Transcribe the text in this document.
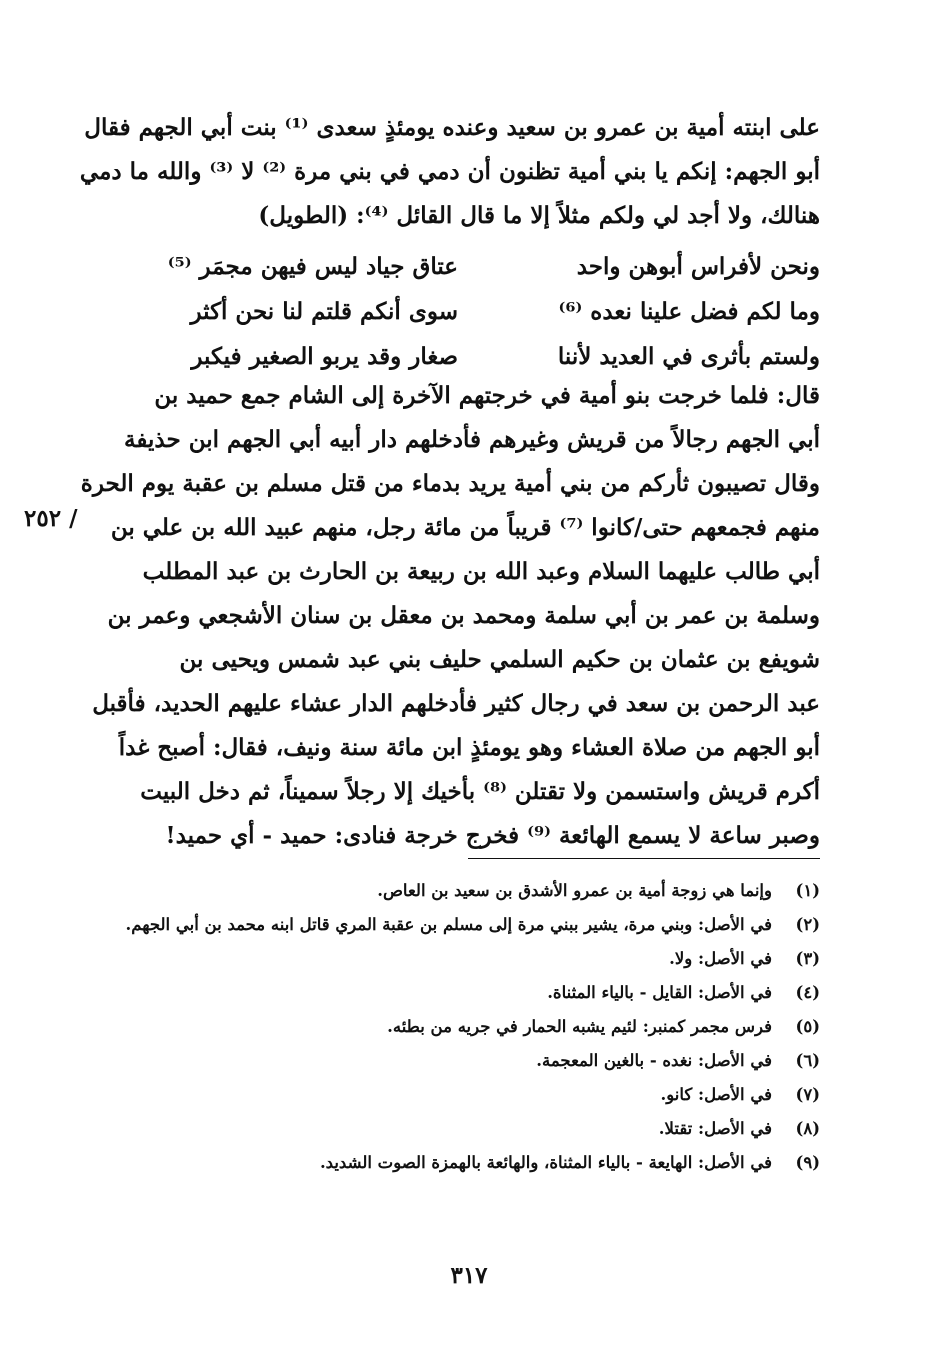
على ابنته أمية بن عمرو بن سعيد وعنده يومئذٍ سعدى ⁽¹⁾ بنت أبي الجهم فقال
أبو الجهم: إنكم يا بني أمية تظنون أن دمي في بني مرة ⁽²⁾ لا ⁽³⁾ والله ما دمي
هنالك، ولا أجد لي ولكم مثلاً إلا ما قال القائل ⁽⁴⁾: (الطويل)
ونحن لأفراس أبوهن واحد
عتاق جياد ليس فيهن مجمَر ⁽⁵⁾
وما لكم فضل علينا نعده ⁽⁶⁾
سوى أنكم قلتم لنا نحن أكثر
ولستم بأثرى في العديد لأننا
صغار وقد يربو الصغير فيكبر
قال: فلما خرجت بنو أمية في خرجتهم الآخرة إلى الشام جمع حميد بن
أبي الجهم رجالاً من قريش وغيرهم فأدخلهم دار أبيه أبي الجهم ابن حذيفة
وقال تصيبون ثأركم من بني أمية يريد بدماء من قتل مسلم بن عقبة يوم الحرة
منهم فجمعهم حتى/كانوا ⁽⁷⁾ قريباً من مائة رجل، منهم عبيد الله بن علي بن
أبي طالب عليهما السلام وعبد الله بن ربيعة بن الحارث بن عبد المطلب
وسلمة بن عمر بن أبي سلمة ومحمد بن معقل بن سنان الأشجعي وعمر بن
شويفع بن عثمان بن حكيم السلمي حليف بني عبد شمس ويحيى بن
عبد الرحمن بن سعد في رجال كثير فأدخلهم الدار عشاء عليهم الحديد، فأقبل
أبو الجهم من صلاة العشاء وهو يومئذٍ ابن مائة سنة ونيف، فقال: أصبح غداً
أكرم قريش واستسمن ولا تقتلن ⁽⁸⁾ بأخيك إلا رجلاً سميناً، ثم دخل البيت
وصبر ساعة لا يسمع الهائعة ⁽⁹⁾ فخرج خرجة فنادى: حميد - أي حميد!
/ ٢٥٢
(١)
وإنما هي زوجة أمية بن عمرو الأشدق بن سعيد بن العاص.
(٢)
في الأصل: وبني مرة، يشير ببني مرة إلى مسلم بن عقبة المري قاتل ابنه محمد بن أبي الجهم.
(٣)
في الأصل: ولا.
(٤)
في الأصل: القايل - بالياء المثناة.
(٥)
فرس مجمر كمنبر: لئيم يشبه الحمار في جريه من بطئه.
(٦)
في الأصل: نغده - بالغين المعجمة.
(٧)
في الأصل: كانو.
(٨)
في الأصل: تقتلا.
(٩)
في الأصل: الهايعة - بالياء المثناة، والهائعة بالهمزة الصوت الشديد.
٣١٧
